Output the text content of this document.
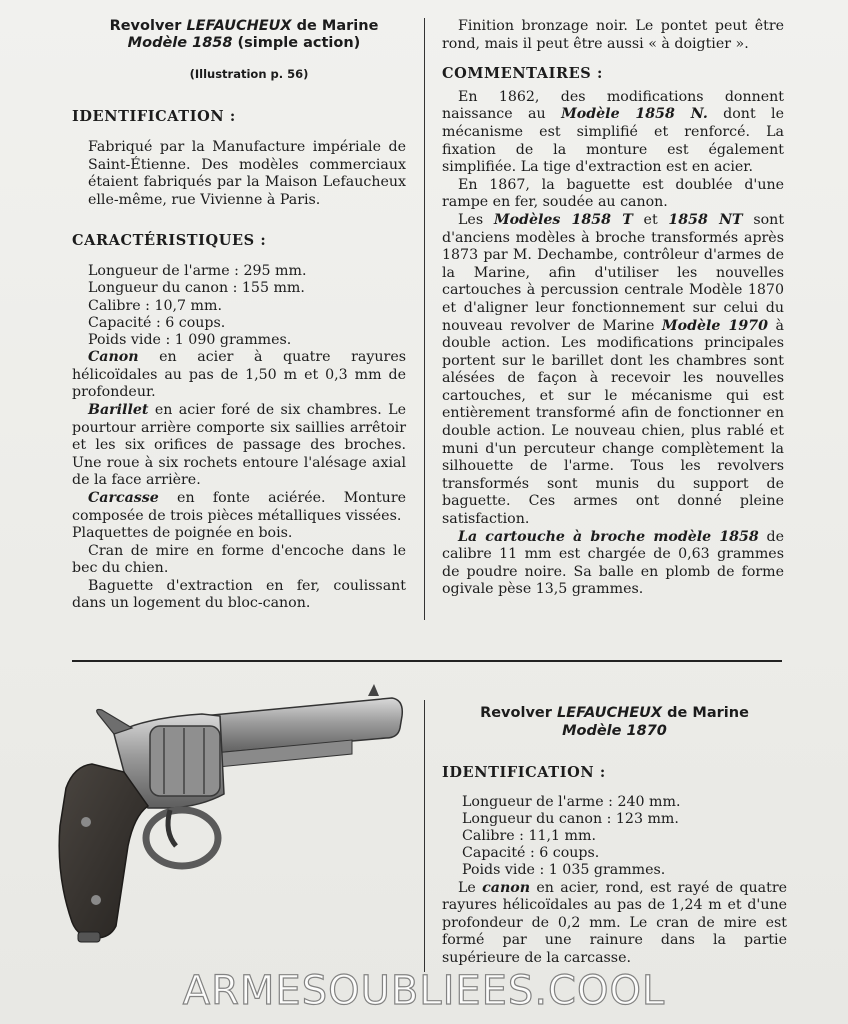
Revolver LEFAUCHEUX de Marine
Modèle 1858 (simple action)
(Illustration p. 56)
IDENTIFICATION :

Fabriqué par la Manufacture impériale de Saint-Étienne. Des modèles commerciaux étaient fabriqués par la Maison Lefaucheux elle-même, rue Vivienne à Paris.

CARACTÉRISTIQUES :
Longueur de l'arme : 295 mm.
Longueur du canon : 155 mm.
Calibre : 10,7 mm.
Capacité : 6 coups.
Poids vide : 1 090 grammes.

Canon en acier à quatre rayures hélicoïdales au pas de 1,50 m et 0,3 mm de profondeur.

Barillet en acier foré de six chambres. Le pourtour arrière comporte six saillies arrêtoir et les six orifices de passage des broches. Une roue à six rochets entoure l'alésage axial de la face arrière.

Carcasse en fonte aciérée. Monture composée de trois pièces métalliques vissées.

Plaquettes de poignée en bois.

Cran de mire en forme d'encoche dans le bec du chien.

Baguette d'extraction en fer, coulissant dans un logement du bloc-canon.

Finition bronzage noir. Le pontet peut être rond, mais il peut être aussi « à doigtier ».

COMMENTAIRES :

En 1862, des modifications donnent naissance au Modèle 1858 N. dont le mécanisme est simplifié et renforcé. La fixation de la monture est également simplifiée. La tige d'extraction est en acier.

En 1867, la baguette est doublée d'une rampe en fer, soudée au canon.

Les Modèles 1858 T et 1858 NT sont d'anciens modèles à broche transformés après 1873 par M. Dechambe, contrôleur d'armes de la Marine, afin d'utiliser les nouvelles cartouches à percussion centrale Modèle 1870 et d'aligner leur fonctionnement sur celui du nouveau revolver de Marine Modèle 1970 à double action. Les modifications principales portent sur le barillet dont les chambres sont alésées de façon à recevoir les nouvelles cartouches, et sur le mécanisme qui est entièrement transformé afin de fonctionner en double action. Le nouveau chien, plus rablé et muni d'un percuteur change complètement la silhouette de l'arme. Tous les revolvers transformés sont munis du support de baguette. Ces armes ont donné pleine satisfaction.

La cartouche à broche modèle 1858 de calibre 11 mm est chargée de 0,63 grammes de poudre noire. Sa balle en plomb de forme ogivale pèse 13,5 grammes.

Revolver LEFAUCHEUX de Marine
Modèle 1870
IDENTIFICATION :
Longueur de l'arme : 240 mm.
Longueur du canon : 123 mm.
Calibre : 11,1 mm.
Capacité : 6 coups.
Poids vide : 1 035 grammes.

Le canon en acier, rond, est rayé de quatre rayures hélicoïdales au pas de 1,24 m et d'une profondeur de 0,2 mm. Le cran de mire est formé par une rainure dans la partie supérieure de la carcasse.

ARMESOUBLIEES.COOL
